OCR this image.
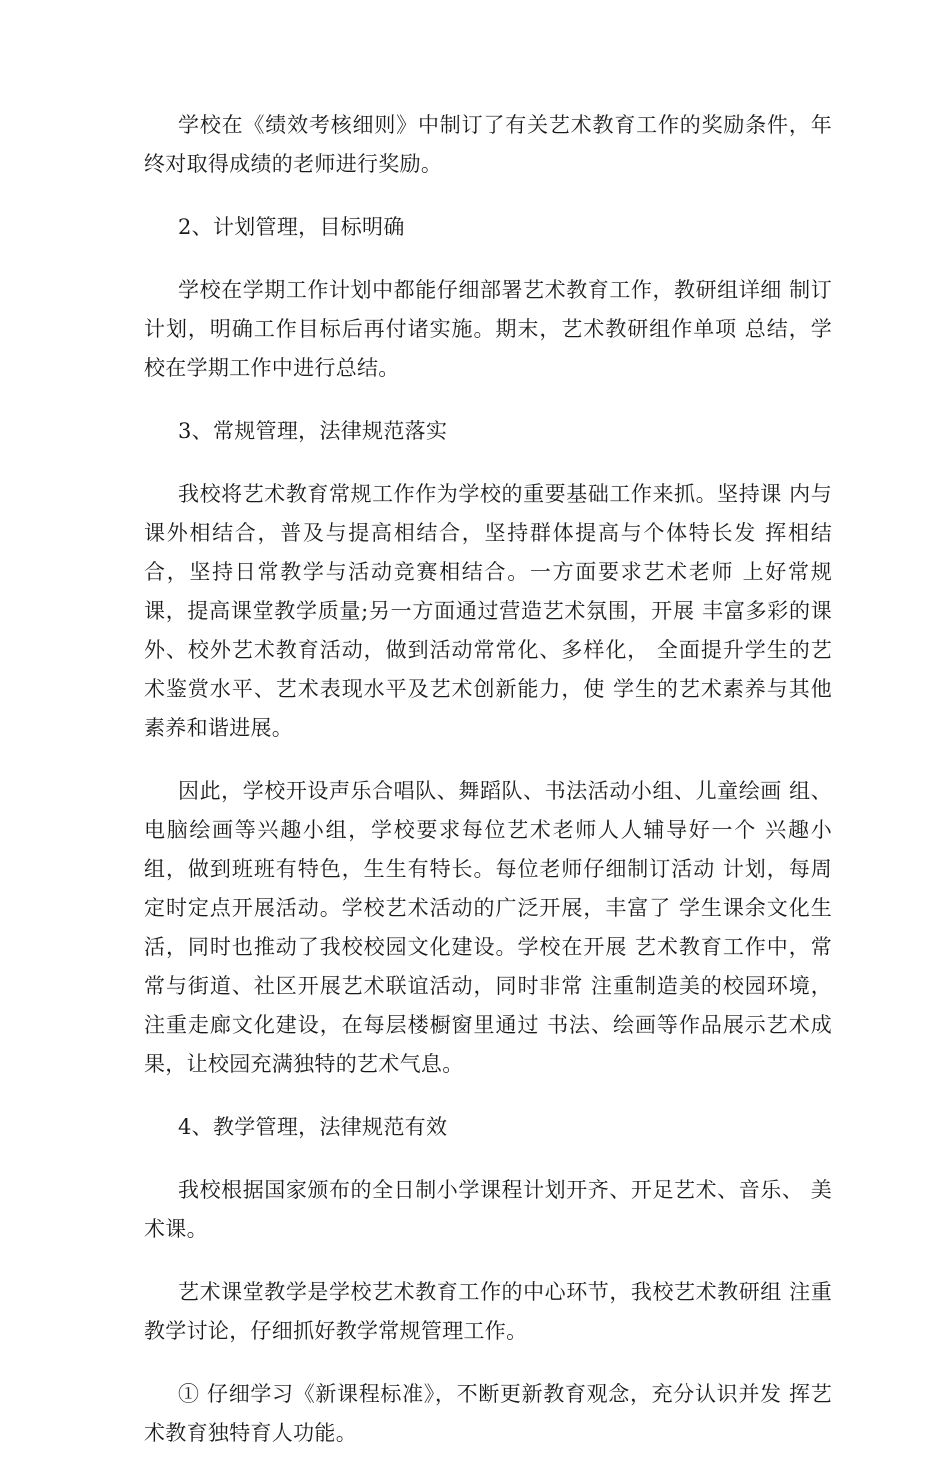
学校在《绩效考核细则》中制订了有关艺术教育工作的奖励条件，年终对取得成绩的老师进行奖励。

2、计划管理，目标明确

学校在学期工作计划中都能仔细部署艺术教育工作，教研组详细 制订计划，明确工作目标后再付诸实施。期末，艺术教研组作单项 总结，学校在学期工作中进行总结。

3、常规管理，法律规范落实

我校将艺术教育常规工作作为学校的重要基础工作来抓。坚持课 内与课外相结合，普及与提高相结合，坚持群体提高与个体特长发 挥相结合，坚持日常教学与活动竞赛相结合。一方面要求艺术老师 上好常规课，提高课堂教学质量;另一方面通过营造艺术氛围，开展 丰富多彩的课外、校外艺术教育活动，做到活动常常化、多样化， 全面提升学生的艺术鉴赏水平、艺术表现水平及艺术创新能力，使 学生的艺术素养与其他素养和谐进展。

因此，学校开设声乐合唱队、舞蹈队、书法活动小组、儿童绘画 组、电脑绘画等兴趣小组，学校要求每位艺术老师人人辅导好一个 兴趣小组，做到班班有特色，生生有特长。每位老师仔细制订活动 计划，每周定时定点开展活动。学校艺术活动的广泛开展，丰富了 学生课余文化生活，同时也推动了我校校园文化建设。学校在开展 艺术教育工作中，常常与街道、社区开展艺术联谊活动，同时非常 注重制造美的校园环境，注重走廊文化建设，在每层楼橱窗里通过 书法、绘画等作品展示艺术成果，让校园充满独特的艺术气息。

4、教学管理，法律规范有效

我校根据国家颁布的全日制小学课程计划开齐、开足艺术、音乐、 美术课。

艺术课堂教学是学校艺术教育工作的中心环节，我校艺术教研组 注重教学讨论，仔细抓好教学常规管理工作。

① 仔细学习《新课程标准》，不断更新教育观念，充分认识并发 挥艺术教育独特育人功能。
